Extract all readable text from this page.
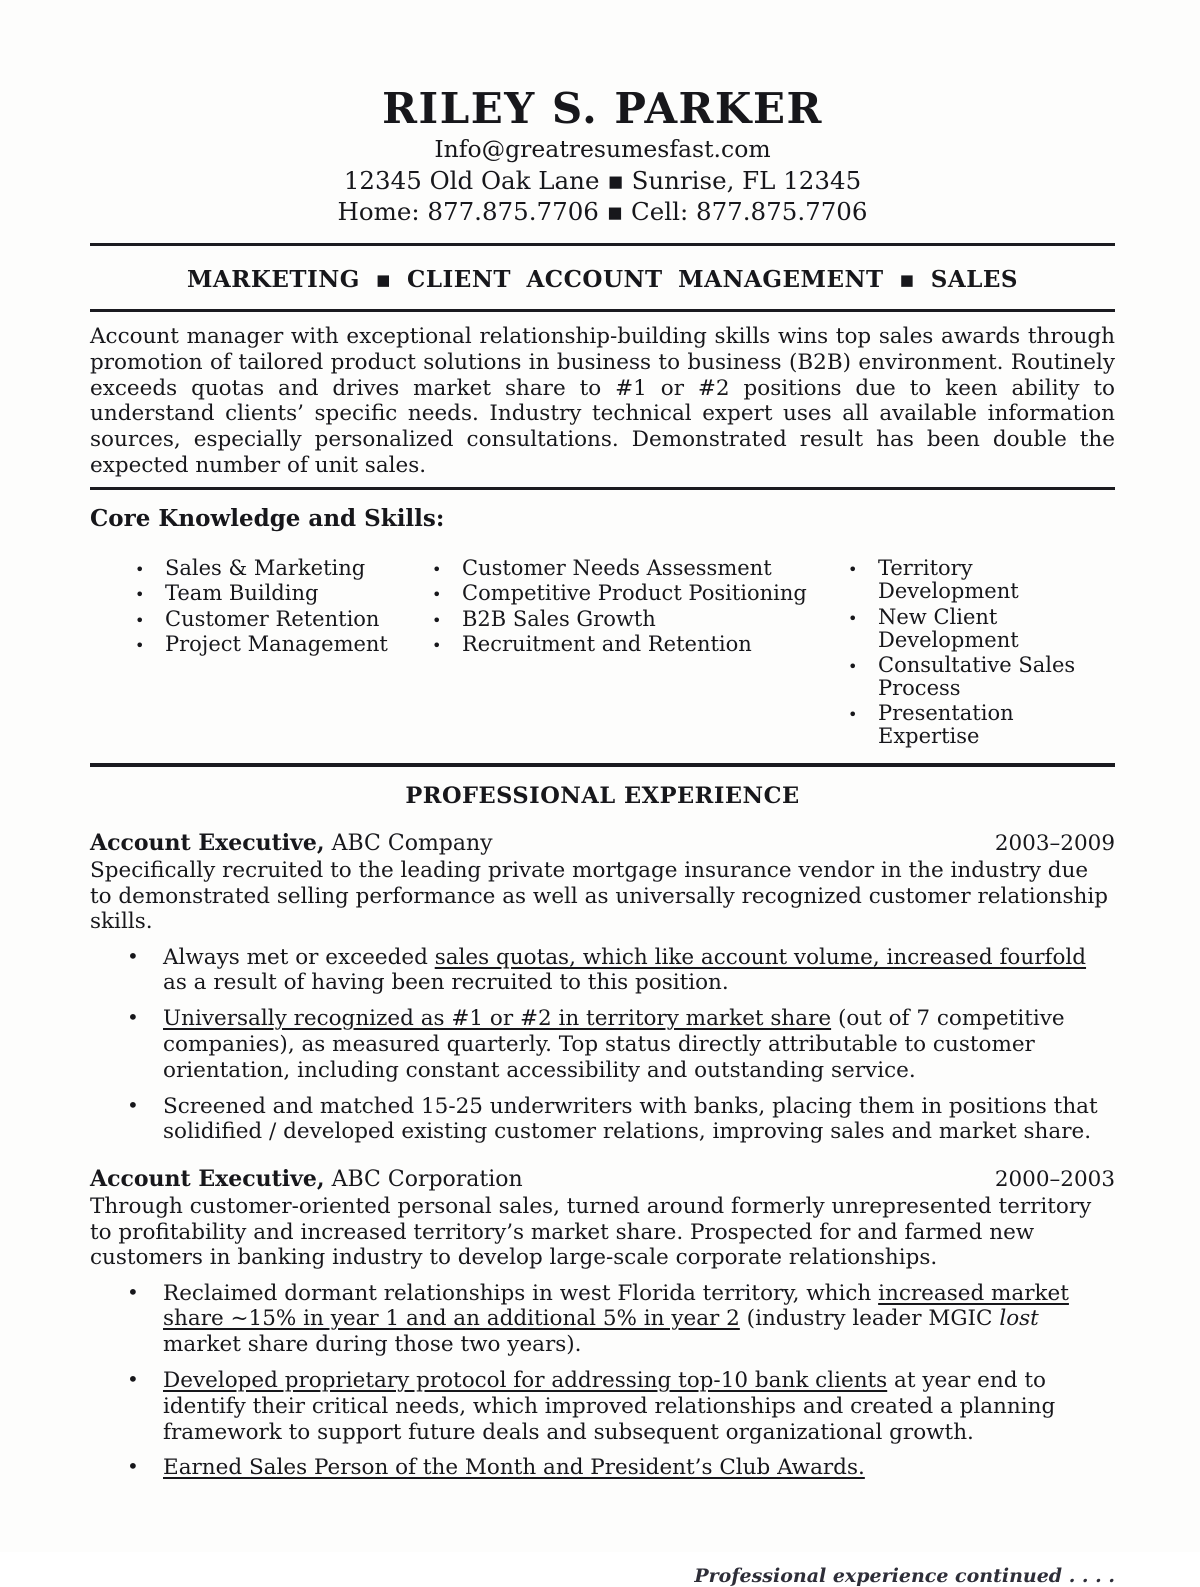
RILEY S. PARKER
Info@greatresumesfast.com
12345 Old Oak Lane ▪ Sunrise, FL 12345
Home: 877.875.7706 ▪ Cell: 877.875.7706
MARKETING ▪ CLIENT ACCOUNT MANAGEMENT ▪ SALES

Account manager with exceptional relationship-building skills wins top sales awards through promotion of tailored product solutions in business to business (B2B) environment. Routinely exceeds quotas and drives market share to #1 or #2 positions due to keen ability to understand clients’ specific needs. Industry technical expert uses all available information sources, especially personalized consultations. Demonstrated result has been double the expected number of unit sales.

Core Knowledge and Skills:
• Sales & Marketing
• Team Building
• Customer Retention
• Project Management
• Customer Needs Assessment
• Competitive Product Positioning
• B2B Sales Growth
• Recruitment and Retention
• Territory Development
• New Client Development
• Consultative Sales Process
• Presentation Expertise
PROFESSIONAL EXPERIENCE
Account Executive, ABC Company	2003–2009

Specifically recruited to the leading private mortgage insurance vendor in the industry due to demonstrated selling performance as well as universally recognized customer relationship skills.

• Always met or exceeded sales quotas, which like account volume, increased fourfold as a result of having been recruited to this position.
• Universally recognized as #1 or #2 in territory market share (out of 7 competitive companies), as measured quarterly. Top status directly attributable to customer orientation, including constant accessibility and outstanding service.
• Screened and matched 15-25 underwriters with banks, placing them in positions that solidified / developed existing customer relations, improving sales and market share.
Account Executive, ABC Corporation	2000–2003

Through customer-oriented personal sales, turned around formerly unrepresented territory to profitability and increased territory’s market share. Prospected for and farmed new customers in banking industry to develop large-scale corporate relationships.

• Reclaimed dormant relationships in west Florida territory, which increased market share ~15% in year 1 and an additional 5% in year 2 (industry leader MGIC lost market share during those two years).
• Developed proprietary protocol for addressing top-10 bank clients at year end to identify their critical needs, which improved relationships and created a planning framework to support future deals and subsequent organizational growth.
• Earned Sales Person of the Month and President’s Club Awards.
Professional experience continued . . . .
